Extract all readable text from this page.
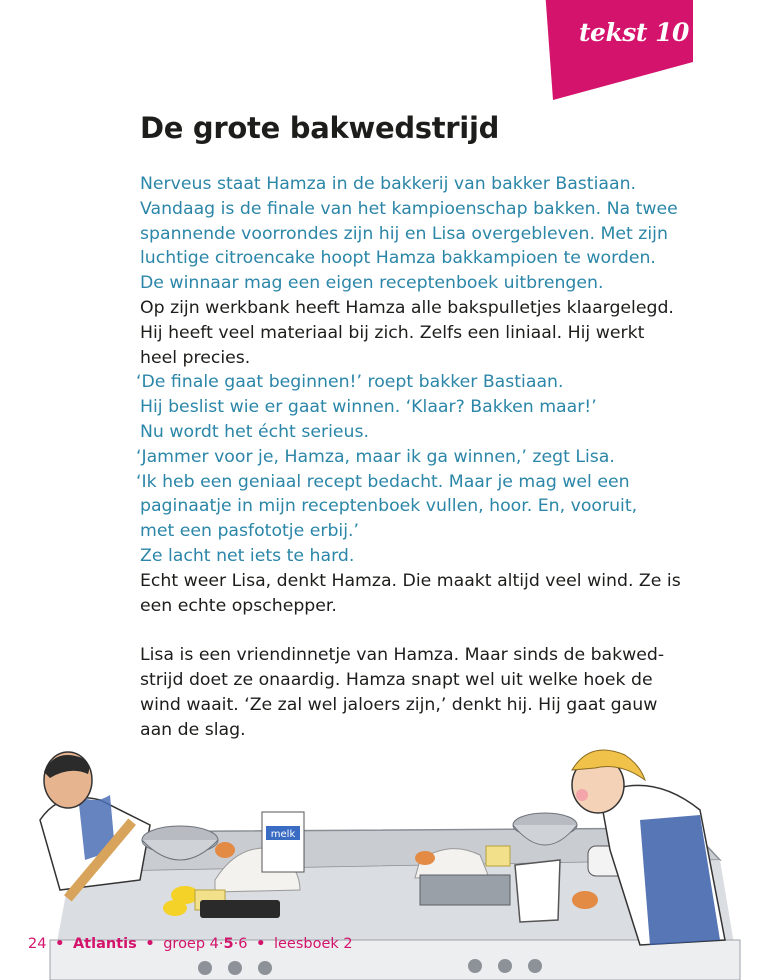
tekst 10
De grote bakwedstrijd
Nerveus staat Hamza in de bakkerij van bakker Bastiaan.
Vandaag is de finale van het kampioenschap bakken. Na twee
spannende voorrondes zijn hij en Lisa overgebleven. Met zijn
luchtige citroencake hoopt Hamza bakkampioen te worden.
De winnaar mag een eigen receptenboek uitbrengen.
Op zijn werkbank heeft Hamza alle bakspulletjes klaargelegd.
Hij heeft veel materiaal bij zich. Zelfs een liniaal. Hij werkt
heel precies.
‘De finale gaat beginnen!’ roept bakker Bastiaan.
Hij beslist wie er gaat winnen. ‘Klaar? Bakken maar!’
Nu wordt het écht serieus.
‘Jammer voor je, Hamza, maar ik ga winnen,’ zegt Lisa.
‘Ik heb een geniaal recept bedacht. Maar je mag wel een
paginaatje in mijn receptenboek vullen, hoor. En, vooruit,
met een pasfototje erbij.’
Ze lacht net iets te hard.
Echt weer Lisa, denkt Hamza. Die maakt altijd veel wind. Ze is
een echte opschepper.
Lisa is een vriendinnetje van Hamza. Maar sinds de bakwed-
strijd doet ze onaardig. Hamza snapt wel uit welke hoek de
wind waait. ‘Ze zal wel jaloers zijn,’ denkt hij. Hij gaat gauw
aan de slag.
melk
24 • Atlantis • groep 4·5·6 • leesboek 2
